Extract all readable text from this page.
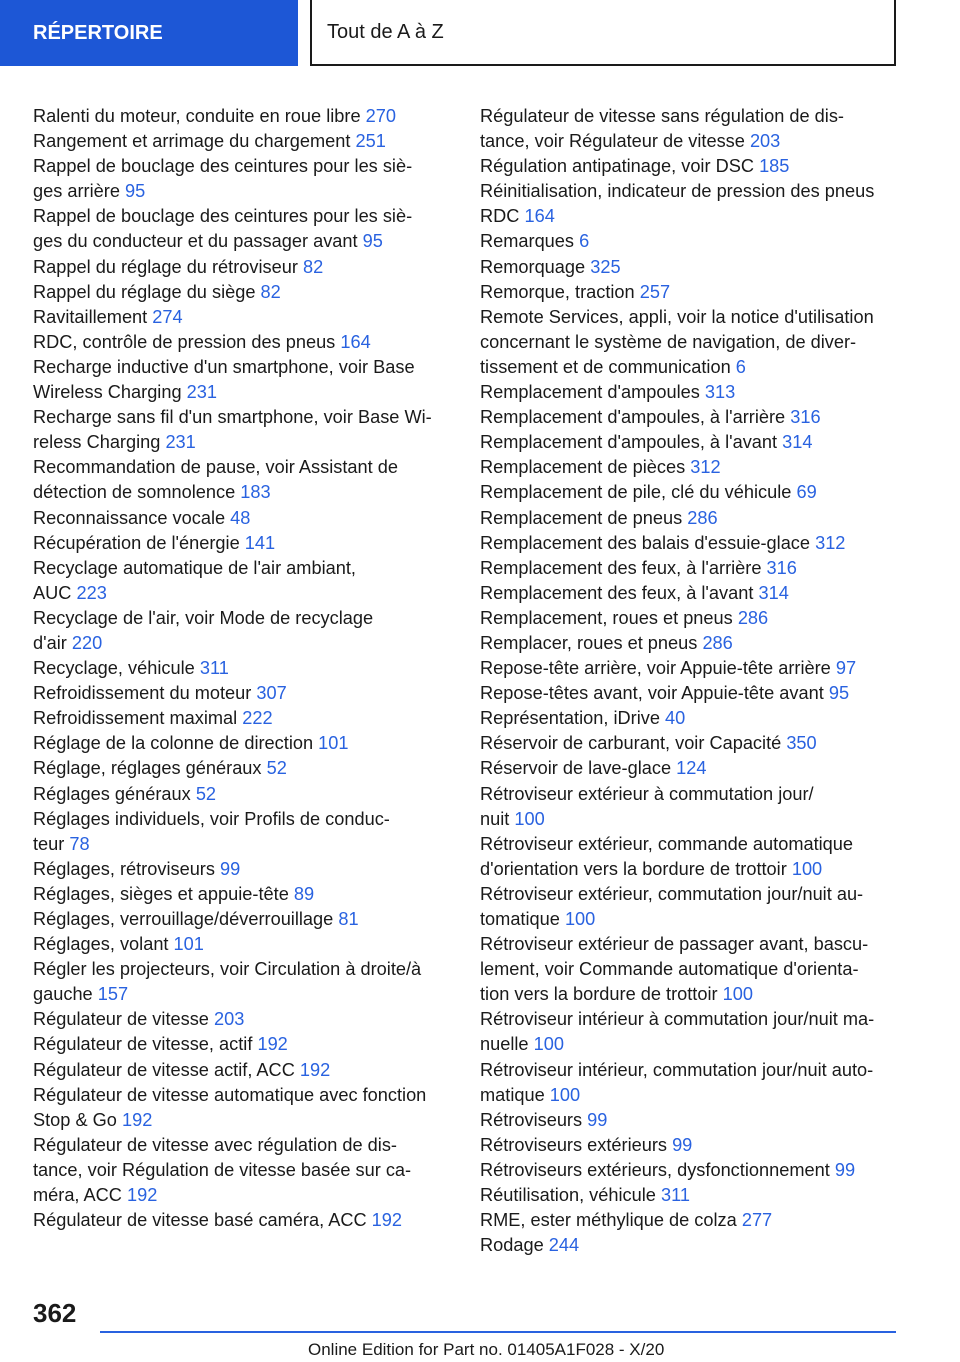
RÉPERTOIRE	Tout de A à Z
Ralenti du moteur, conduite en roue libre 270
Rangement et arrimage du chargement 251
Rappel de bouclage des ceintures pour les siè-
ges arrière 95
Rappel de bouclage des ceintures pour les siè-
ges du conducteur et du passager avant 95
Rappel du réglage du rétroviseur 82
Rappel du réglage du siège 82
Ravitaillement 274
RDC, contrôle de pression des pneus 164
Recharge inductive d'un smartphone, voir Base
Wireless Charging 231
Recharge sans fil d'un smartphone, voir Base Wi-
reless Charging 231
Recommandation de pause, voir Assistant de
détection de somnolence 183
Reconnaissance vocale 48
Récupération de l'énergie 141
Recyclage automatique de l'air ambiant,
AUC 223
Recyclage de l'air, voir Mode de recyclage
d'air 220
Recyclage, véhicule 311
Refroidissement du moteur 307
Refroidissement maximal 222
Réglage de la colonne de direction 101
Réglage, réglages généraux 52
Réglages généraux 52
Réglages individuels, voir Profils de conduc-
teur 78
Réglages, rétroviseurs 99
Réglages, sièges et appuie-tête 89
Réglages, verrouillage/déverrouillage 81
Réglages, volant 101
Régler les projecteurs, voir Circulation à droite/à
gauche 157
Régulateur de vitesse 203
Régulateur de vitesse, actif 192
Régulateur de vitesse actif, ACC 192
Régulateur de vitesse automatique avec fonction
Stop & Go 192
Régulateur de vitesse avec régulation de dis-
tance, voir Régulation de vitesse basée sur ca-
méra, ACC 192
Régulateur de vitesse basé caméra, ACC 192
Régulateur de vitesse sans régulation de dis-
tance, voir Régulateur de vitesse 203
Régulation antipatinage, voir DSC 185
Réinitialisation, indicateur de pression des pneus
RDC 164
Remarques 6
Remorquage 325
Remorque, traction 257
Remote Services, appli, voir la notice d'utilisation
concernant le système de navigation, de diver-
tissement et de communication 6
Remplacement d'ampoules 313
Remplacement d'ampoules, à l'arrière 316
Remplacement d'ampoules, à l'avant 314
Remplacement de pièces 312
Remplacement de pile, clé du véhicule 69
Remplacement de pneus 286
Remplacement des balais d'essuie-glace 312
Remplacement des feux, à l'arrière 316
Remplacement des feux, à l'avant 314
Remplacement, roues et pneus 286
Remplacer, roues et pneus 286
Repose-tête arrière, voir Appuie-tête arrière 97
Repose-têtes avant, voir Appuie-tête avant 95
Représentation, iDrive 40
Réservoir de carburant, voir Capacité 350
Réservoir de lave-glace 124
Rétroviseur extérieur à commutation jour/
nuit 100
Rétroviseur extérieur, commande automatique
d'orientation vers la bordure de trottoir 100
Rétroviseur extérieur, commutation jour/nuit au-
tomatique 100
Rétroviseur extérieur de passager avant, bascu-
lement, voir Commande automatique d'orienta-
tion vers la bordure de trottoir 100
Rétroviseur intérieur à commutation jour/nuit ma-
nuelle 100
Rétroviseur intérieur, commutation jour/nuit auto-
matique 100
Rétroviseurs 99
Rétroviseurs extérieurs 99
Rétroviseurs extérieurs, dysfonctionnement 99
Réutilisation, véhicule 311
RME, ester méthylique de colza 277
Rodage 244
362
Online Edition for Part no. 01405A1F028 - X/20
